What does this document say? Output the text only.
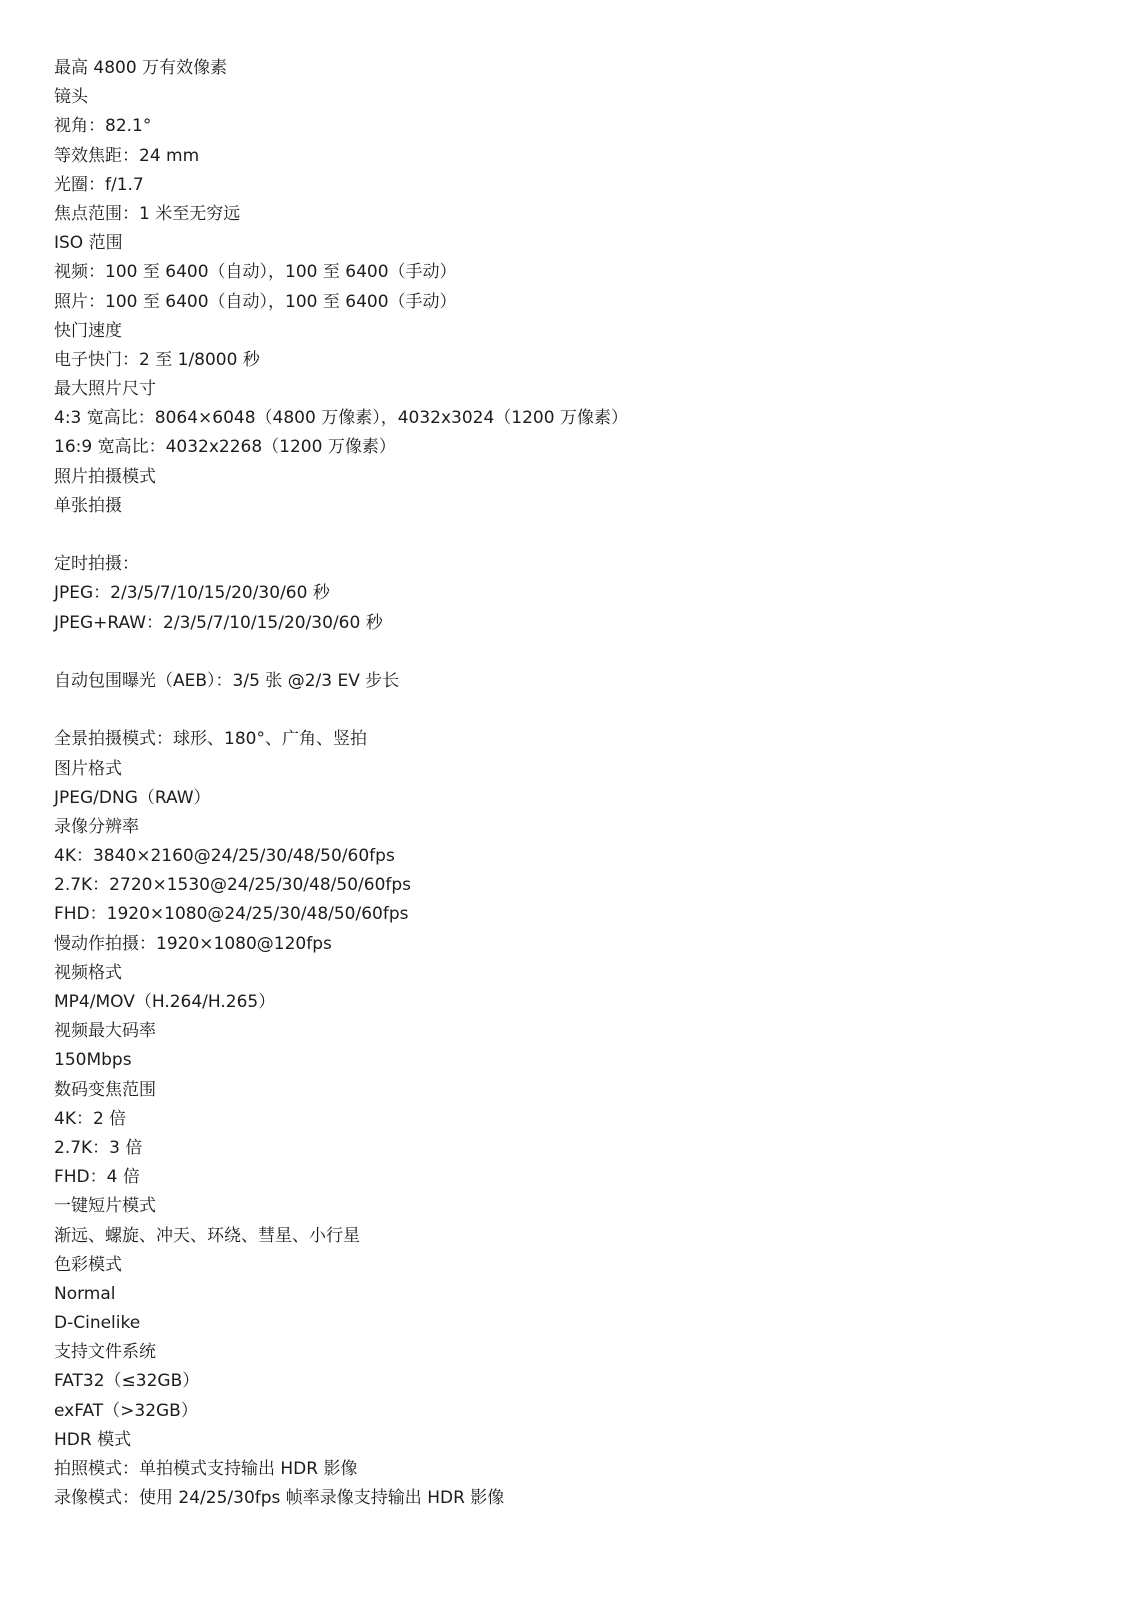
最高 4800 万有效像素
镜头
视角：82.1°
等效焦距：24 mm
光圈：f/1.7
焦点范围：1 米至无穷远
ISO 范围
视频：100 至 6400（自动），100 至 6400（手动）
照片：100 至 6400（自动），100 至 6400（手动）
快门速度
电子快门：2 至 1/8000 秒
最大照片尺寸
4:3 宽高比：8064×6048（4800 万像素），4032x3024（1200 万像素）
16:9 宽高比：4032x2268（1200 万像素）
照片拍摄模式
单张拍摄
定时拍摄：
JPEG：2/3/5/7/10/15/20/30/60 秒
JPEG+RAW：2/3/5/7/10/15/20/30/60 秒
自动包围曝光（AEB）：3/5 张 @2/3 EV 步长
全景拍摄模式：球形、180°、广角、竖拍
图片格式
JPEG/DNG（RAW）
录像分辨率
4K：3840×2160@24/25/30/48/50/60fps
2.7K：2720×1530@24/25/30/48/50/60fps
FHD：1920×1080@24/25/30/48/50/60fps
慢动作拍摄：1920×1080@120fps
视频格式
MP4/MOV（H.264/H.265）
视频最大码率
150Mbps
数码变焦范围
4K：2 倍
2.7K：3 倍
FHD：4 倍
一键短片模式
渐远、螺旋、冲天、环绕、彗星、小行星
色彩模式
Normal
D-Cinelike
支持文件系统
FAT32（≤32GB）
exFAT（>32GB）
HDR 模式
拍照模式：单拍模式支持输出 HDR 影像
录像模式：使用 24/25/30fps 帧率录像支持输出 HDR 影像
